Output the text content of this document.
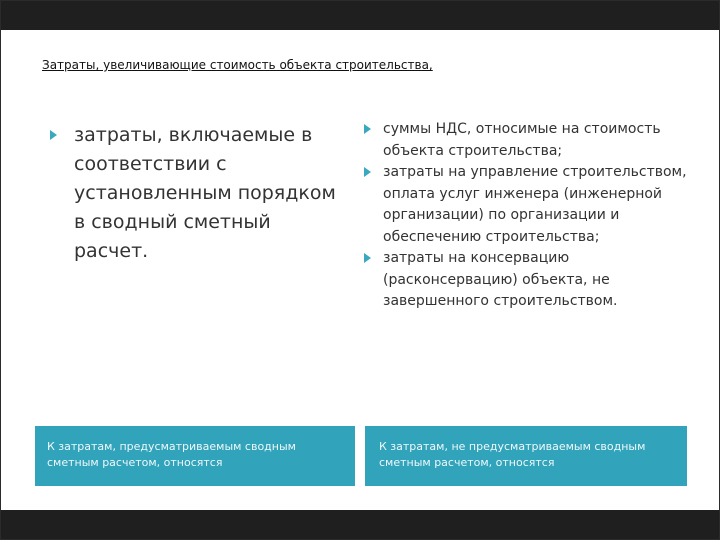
Затраты, увеличивающие стоимость объекта строительства,
затраты, включаемые в соответствии с установленным порядком в сводный сметный расчет.
суммы НДС, относимые на стоимость объекта строительства;
затраты на управление строительством, оплата услуг инженера (инженерной организации) по организации и обеспечению строительства;
затраты на консервацию (расконсервацию) объекта, не завершенного строительством.
К затратам, предусматриваемым сводным сметным расчетом, относятся
К затратам, не предусматриваемым сводным сметным расчетом, относятся
